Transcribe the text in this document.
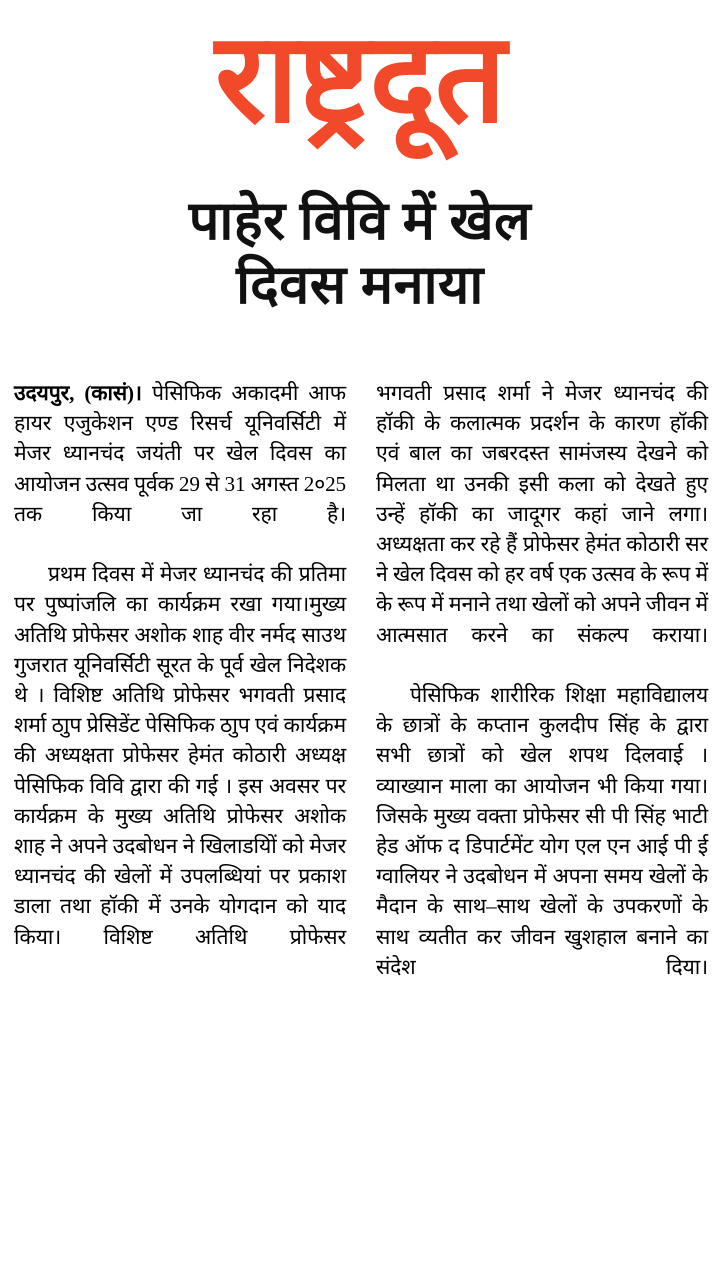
राष्ट्रदूत
पाहेर विवि में खेल
दिवस मनाया

उदयपुर, (कासं)। पेसिफिक अकादमी आफ हायर एजुकेशन एण्ड रिसर्च यूनिवर्सिटी में मेजर ध्यानचंद जयंती पर खेल दिवस का आयोजन उत्सव पूर्वक 29 से 31 अगस्त 2०25 तक किया जा रहा है।

प्रथम दिवस में मेजर ध्यानचंद की प्रतिमा पर पुष्पांजलि का कार्यक्रम रखा गया।मुख्य अतिथि प्रोफेसर अशोक शाह वीर नर्मद साउथ गुजरात यूनिवर्सिटी सूरत के पूर्व खेल निदेशक थे । विशिष्ट अतिथि प्रोफेसर भगवती प्रसाद शर्मा ठाुप प्रेसिडेंट पेसिफिक ठाुप एवं कार्यक्रम की अध्यक्षता प्रोफेसर हेमंत कोठारी अध्यक्ष पेसिफिक विवि द्वारा की गई । इस अवसर पर कार्यक्रम के मुख्य अतिथि प्रोफेसर अशोक शाह ने अपने उदबोधन ने खिलाडयिों को मेजर ध्यानचंद की खेलों में उपलब्धियां पर प्रकाश डाला तथा हॉकी में उनके योगदान को याद किया। विशिष्ट अतिथि प्रोफेसर

भगवती प्रसाद शर्मा ने मेजर ध्यानचंद की हॉकी के कलात्मक प्रदर्शन के कारण हॉकी एवं बाल का जबरदस्त सामंजस्य देखने को मिलता था उनकी इसी कला को देखते हुए उन्हें हॉकी का जादूगर कहां जाने लगा। अध्यक्षता कर रहे हैं प्रोफेसर हेमंत कोठारी सर ने खेल दिवस को हर वर्ष एक उत्सव के रूप में के रूप में मनाने तथा खेलों को अपने जीवन में आत्मसात करने का संकल्प कराया।

पेसिफिक शारीरिक शिक्षा महाविद्यालय के छात्रों के कप्तान कुलदीप सिंह के द्वारा सभी छात्रों को खेल शपथ दिलवाई । व्याख्यान माला का आयोजन भी किया गया। जिसके मुख्य वक्ता प्रोफेसर सी पी सिंह भाटी हेड ऑफ द डिपार्टमेंट योग एल एन आई पी ई ग्वालियर ने उदबोधन में अपना समय खेलों के मैदान के साथ–साथ खेलों के उपकरणों के साथ व्यतीत कर जीवन खुशहाल बनाने का संदेश दिया।
